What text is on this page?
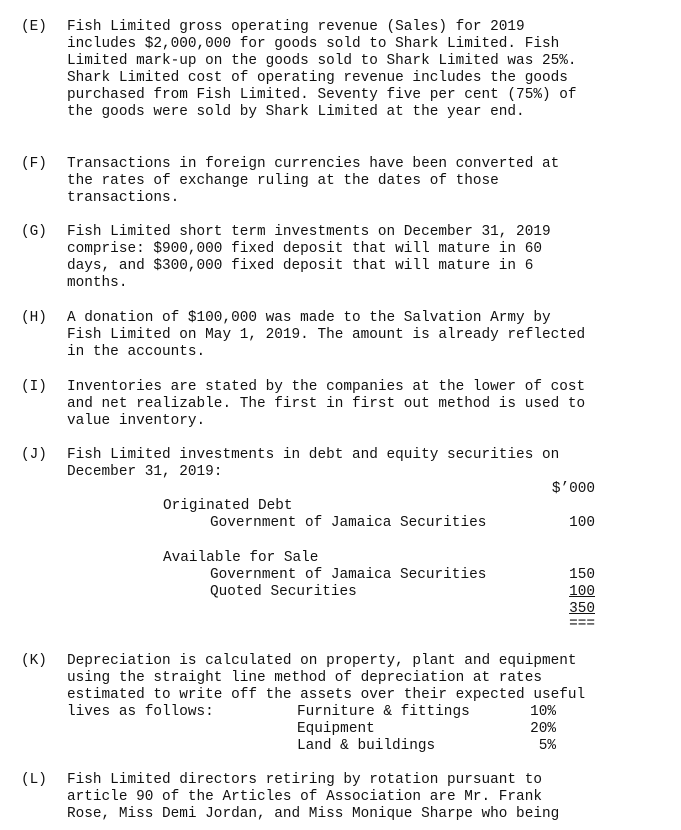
(E) Fish Limited gross operating revenue (Sales) for 2019
includes $2,000,000 for goods sold to Shark Limited. Fish
Limited mark-up on the goods sold to Shark Limited was 25%.
Shark Limited cost of operating revenue includes the goods
purchased from Fish Limited. Seventy five per cent (75%) of
the goods were sold by Shark Limited at the year end.
(F) Transactions in foreign currencies have been converted at
the rates of exchange ruling at the dates of those
transactions.
(G) Fish Limited short term investments on December 31, 2019
comprise: $900,000 fixed deposit that will mature in 60
days, and $300,000 fixed deposit that will mature in 6
months.
(H) A donation of $100,000 was made to the Salvation Army by
Fish Limited on May 1, 2019. The amount is already reflected
in the accounts.
(I) Inventories are stated by the companies at the lower of cost
and net realizable. The first in first out method is used to
value inventory.
(J) Fish Limited investments in debt and equity securities on
December 31, 2019:
$’000
Originated Debt
Government of Jamaica Securities	100
Available for Sale
Government of Jamaica Securities	150
Quoted Securities	100
350
===
(K) Depreciation is calculated on property, plant and equipment
using the straight line method of depreciation at rates
estimated to write off the assets over their expected useful
lives as follows:	Furniture & fittings	10%
Equipment	20%
Land & buildings	5%
(L) Fish Limited directors retiring by rotation pursuant to
article 90 of the Articles of Association are Mr. Frank
Rose, Miss Demi Jordan, and Miss Monique Sharpe who being
